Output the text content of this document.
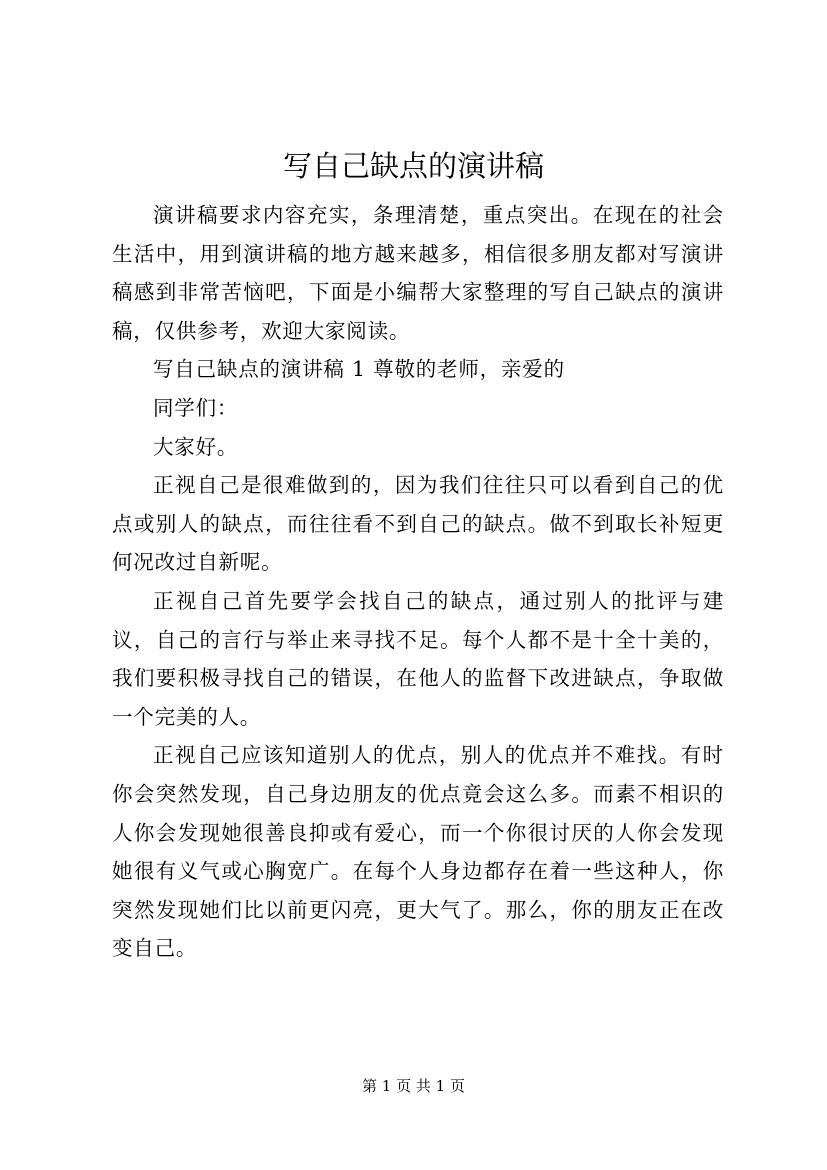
写自己缺点的演讲稿

演讲稿要求内容充实，条理清楚，重点突出。在现在的社会生活中，用到演讲稿的地方越来越多，相信很多朋友都对写演讲稿感到非常苦恼吧，下面是小编帮大家整理的写自己缺点的演讲稿，仅供参考，欢迎大家阅读。

写自己缺点的演讲稿 1 尊敬的老师，亲爱的

同学们：

大家好。

正视自己是很难做到的，因为我们往往只可以看到自己的优点或别人的缺点，而往往看不到自己的缺点。做不到取长补短更何况改过自新呢。

正视自己首先要学会找自己的缺点，通过别人的批评与建议，自己的言行与举止来寻找不足。每个人都不是十全十美的，我们要积极寻找自己的错误，在他人的监督下改进缺点，争取做一个完美的人。

正视自己应该知道别人的优点，别人的优点并不难找。有时你会突然发现，自己身边朋友的优点竟会这么多。而素不相识的人你会发现她很善良抑或有爱心，而一个你很讨厌的人你会发现她很有义气或心胸宽广。在每个人身边都存在着一些这种人，你突然发现她们比以前更闪亮，更大气了。那么，你的朋友正在改变自己。

第 1 页 共 1 页
